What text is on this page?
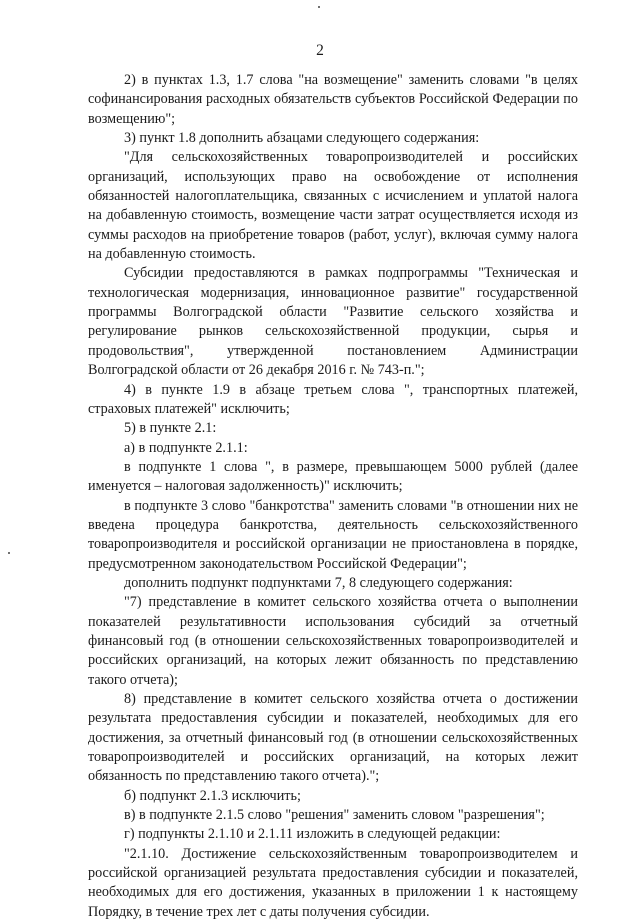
2

2) в пунктах 1.3, 1.7 слова "на возмещение" заменить словами "в целях софинансирования расходных обязательств субъектов Российской Федерации по возмещению";

3) пункт 1.8 дополнить абзацами следующего содержания:

"Для сельскохозяйственных товаропроизводителей и российских организаций, использующих право на освобождение от исполнения обязанностей налогоплательщика, связанных с исчислением и уплатой налога на добавленную стоимость, возмещение части затрат осуществляется исходя из суммы расходов на приобретение товаров (работ, услуг), включая сумму налога на добавленную стоимость.

Субсидии предоставляются в рамках подпрограммы "Техническая и технологическая модернизация, инновационное развитие" государственной программы Волгоградской области "Развитие сельского хозяйства и регулирование рынков сельскохозяйственной продукции, сырья и продовольствия", утвержденной постановлением Администрации Волгоградской области от 26 декабря 2016 г. № 743-п.";

4) в пункте 1.9 в абзаце третьем слова ", транспортных платежей, страховых платежей" исключить;

5) в пункте 2.1:

а) в подпункте 2.1.1:

в подпункте 1 слова ", в размере, превышающем 5000 рублей (далее именуется – налоговая задолженность)" исключить;

в подпункте 3 слово "банкротства" заменить словами "в отношении них не введена процедура банкротства, деятельность сельскохозяйственного товаропроизводителя и российской организации не приостановлена в порядке, предусмотренном законодательством Российской Федерации";

дополнить подпункт подпунктами 7, 8 следующего содержания:

"7) представление в комитет сельского хозяйства отчета о выполнении показателей результативности использования субсидий за отчетный финансовый год (в отношении сельскохозяйственных товаропроизводителей и российских организаций, на которых лежит обязанность по представлению такого отчета);

8) представление в комитет сельского хозяйства отчета о достижении результата предоставления субсидии и показателей, необходимых для его достижения, за отчетный финансовый год (в отношении сельскохозяйственных товаропроизводителей и российских организаций, на которых лежит обязанность по представлению такого отчета).";

б) подпункт 2.1.3 исключить;

в) в подпункте 2.1.5 слово "решения" заменить словом "разрешения";

г) подпункты 2.1.10 и 2.1.11 изложить в следующей редакции:

"2.1.10. Достижение сельскохозяйственным товаропроизводителем и российской организацией результата предоставления субсидии и показателей, необходимых для его достижения, указанных в приложении 1 к настоящему Порядку, в течение трех лет с даты получения субсидии.
